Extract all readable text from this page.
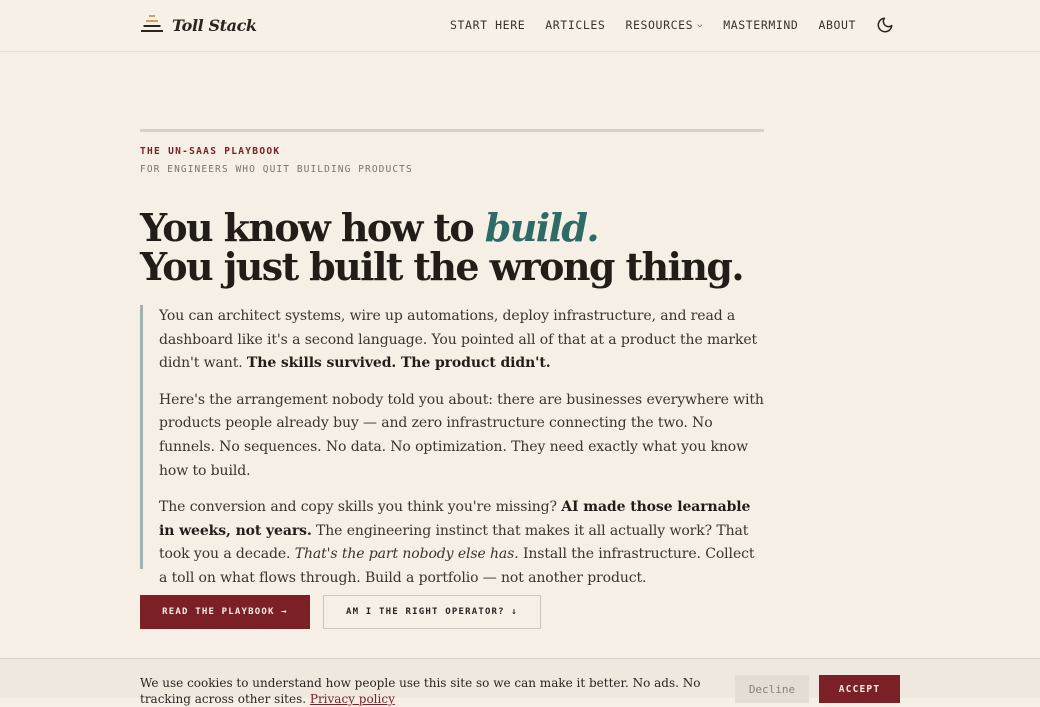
Toll Stack	START HERE ARTICLES RESOURCES ⌵ MASTERMIND ABOUT
THE UN-SAAS PLAYBOOK
FOR ENGINEERS WHO QUIT BUILDING PRODUCTS
You know how to build.
You just built the wrong thing.

You can architect systems, wire up automations, deploy infrastructure, and read a dashboard like it's a second language. You pointed all of that at a product the market didn't want. The skills survived. The product didn't.

Here's the arrangement nobody told you about: there are businesses everywhere with products people already buy — and zero infrastructure connecting the two. No funnels. No sequences. No data. No optimization. They need exactly what you know how to build.

The conversion and copy skills you think you're missing? AI made those learnable in weeks, not years. The engineering instinct that makes it all actually work? That took you a decade. That's the part nobody else has. Install the infrastructure. Collect a toll on what flows through. Build a portfolio — not another product.

READ THE PLAYBOOK →	AM I THE RIGHT OPERATOR? ↓

We use cookies to understand how people use this site so we can make it better. No ads. No tracking across other sites. Privacy policy

Decline	ACCEPT
